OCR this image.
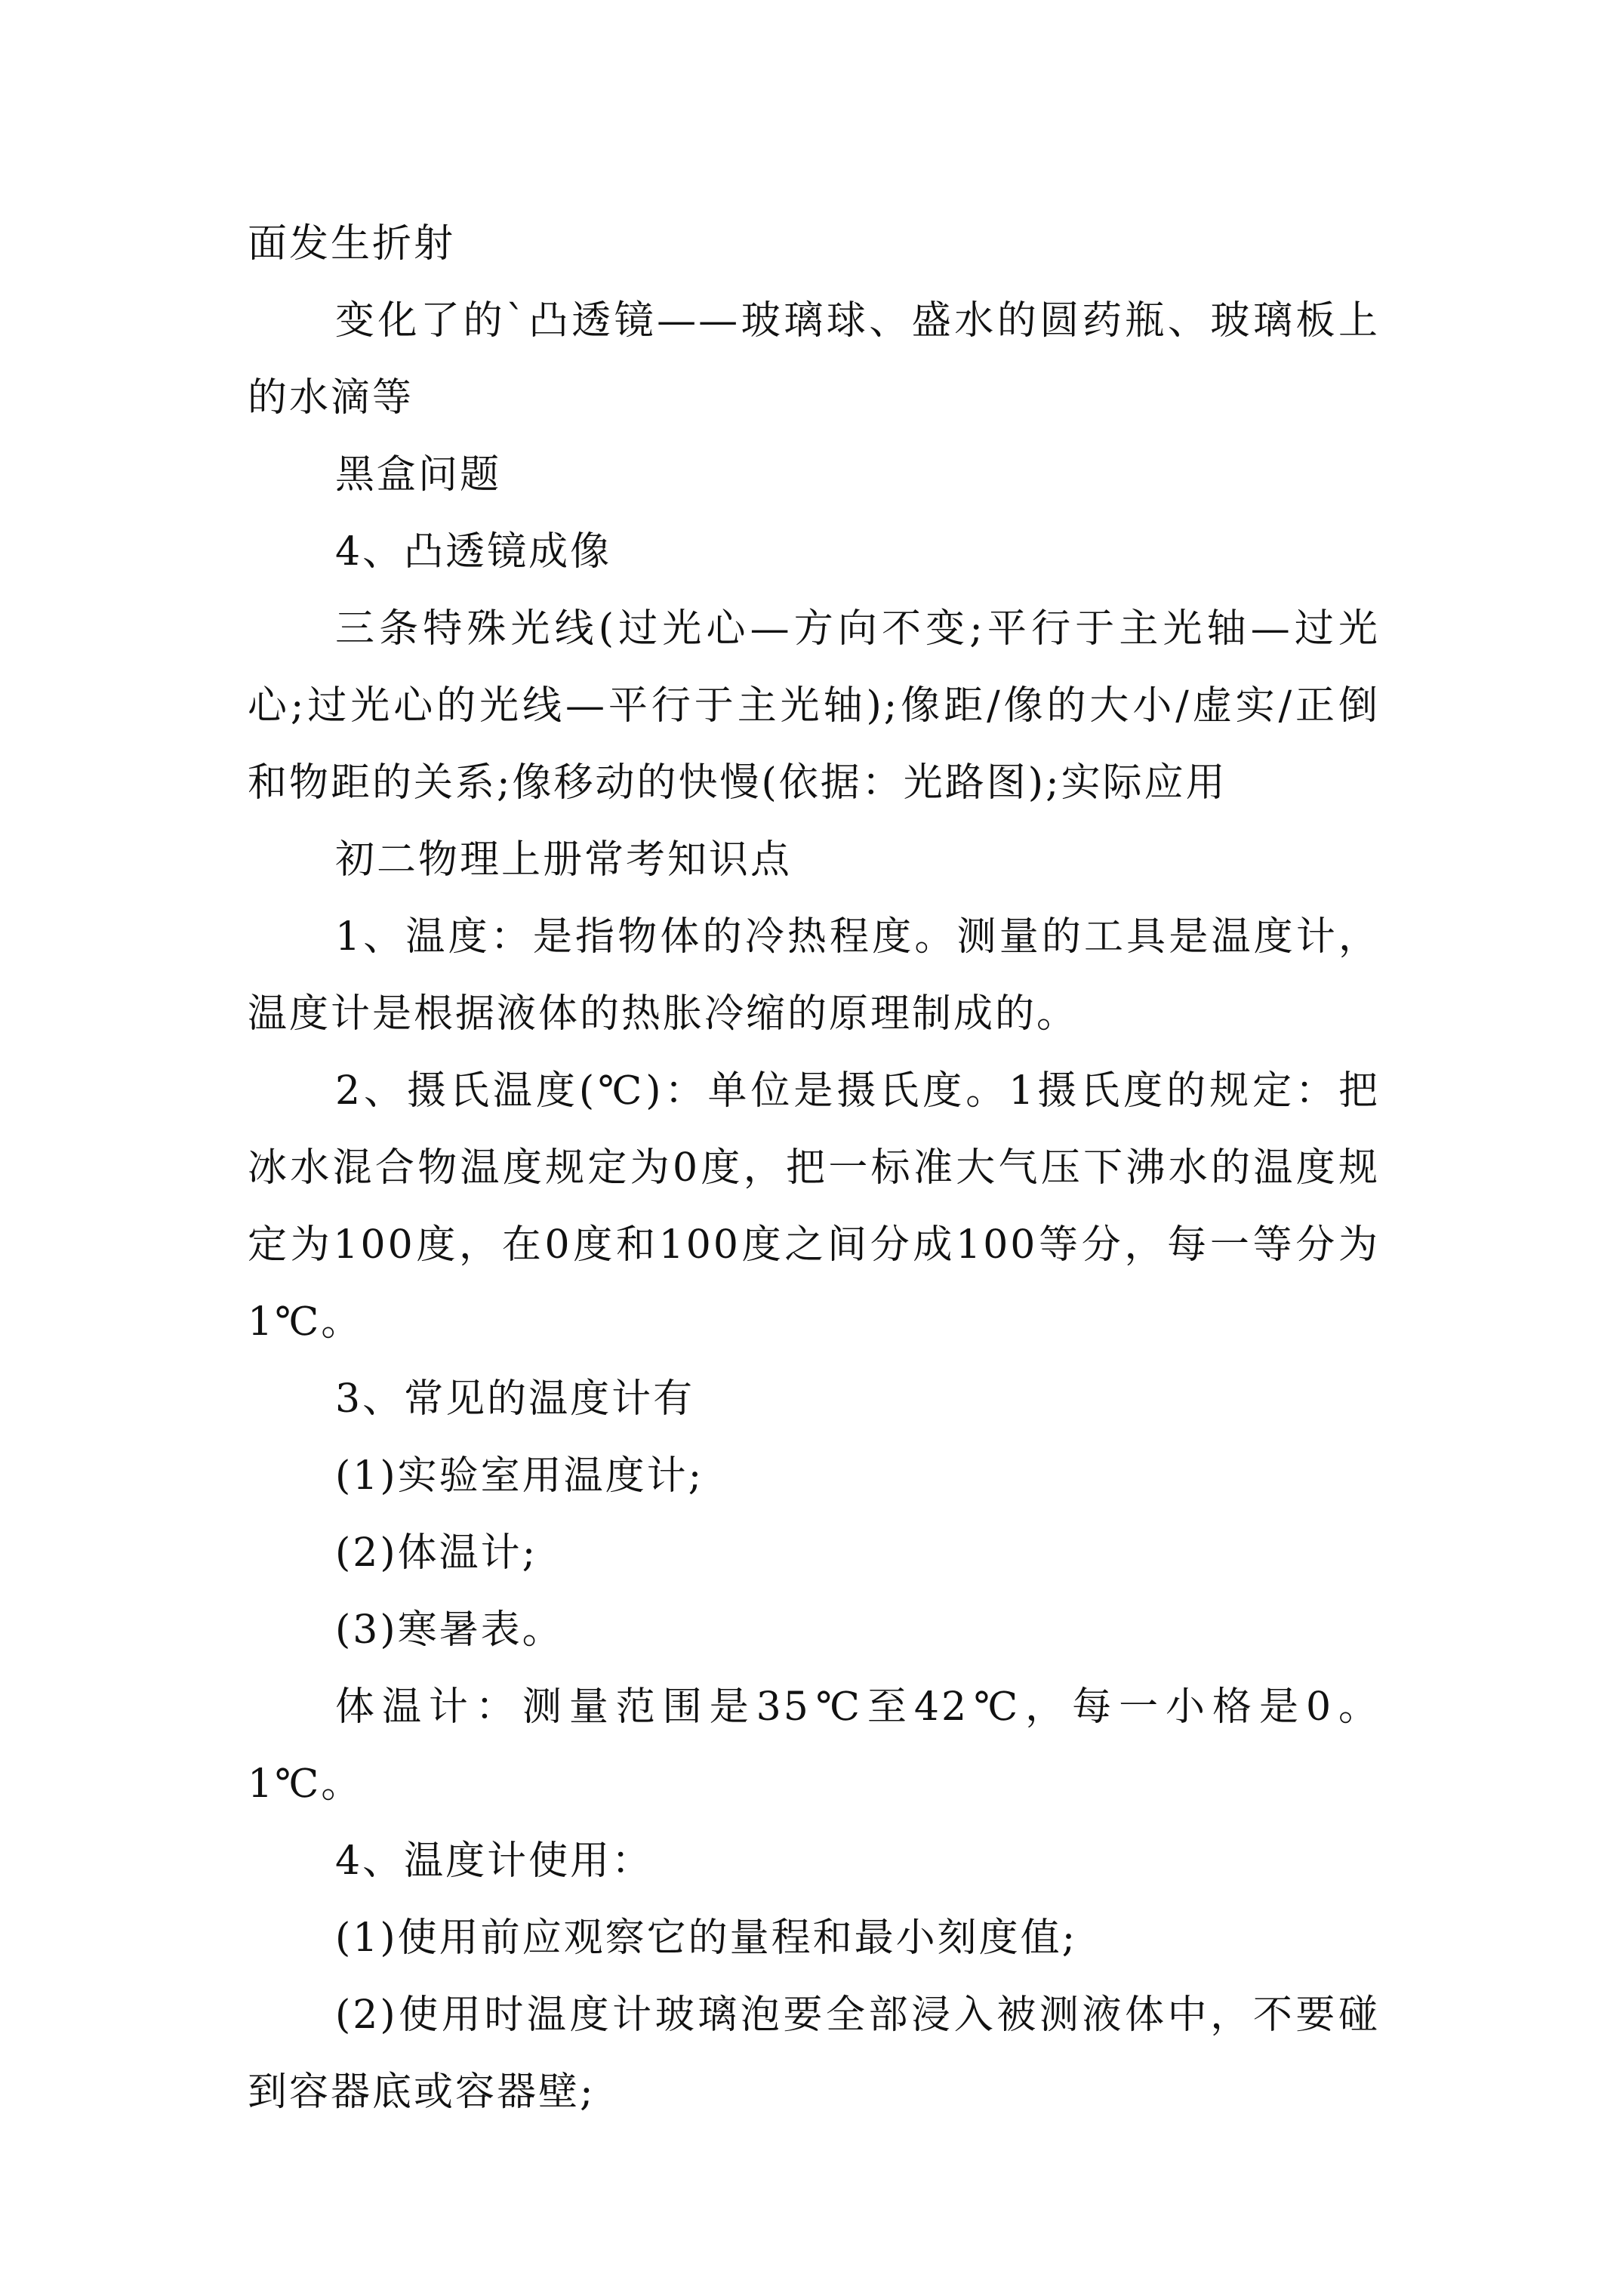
面发生折射

变化了的`凸透镜——玻璃球、盛水的圆药瓶、玻璃板上的水滴等

黑盒问题

4、凸透镜成像

三条特殊光线(过光心—方向不变;平行于主光轴—过光心;过光心的光线—平行于主光轴);像距/像的大小/虚实/正倒和物距的关系;像移动的快慢(依据：光路图);实际应用

初二物理上册常考知识点

1、温度：是指物体的冷热程度。测量的工具是温度计，温度计是根据液体的热胀冷缩的原理制成的。

2、摄氏温度(℃)：单位是摄氏度。1摄氏度的规定：把冰水混合物温度规定为0度，把一标准大气压下沸水的温度规定为100度，在0度和100度之间分成100等分，每一等分为1℃。

3、常见的温度计有

(1)实验室用温度计;

(2)体温计;

(3)寒暑表。

体温计：测量范围是35℃至42℃，每一小格是0。1℃。

4、温度计使用：

(1)使用前应观察它的量程和最小刻度值;

(2)使用时温度计玻璃泡要全部浸入被测液体中，不要碰到容器底或容器壁;
